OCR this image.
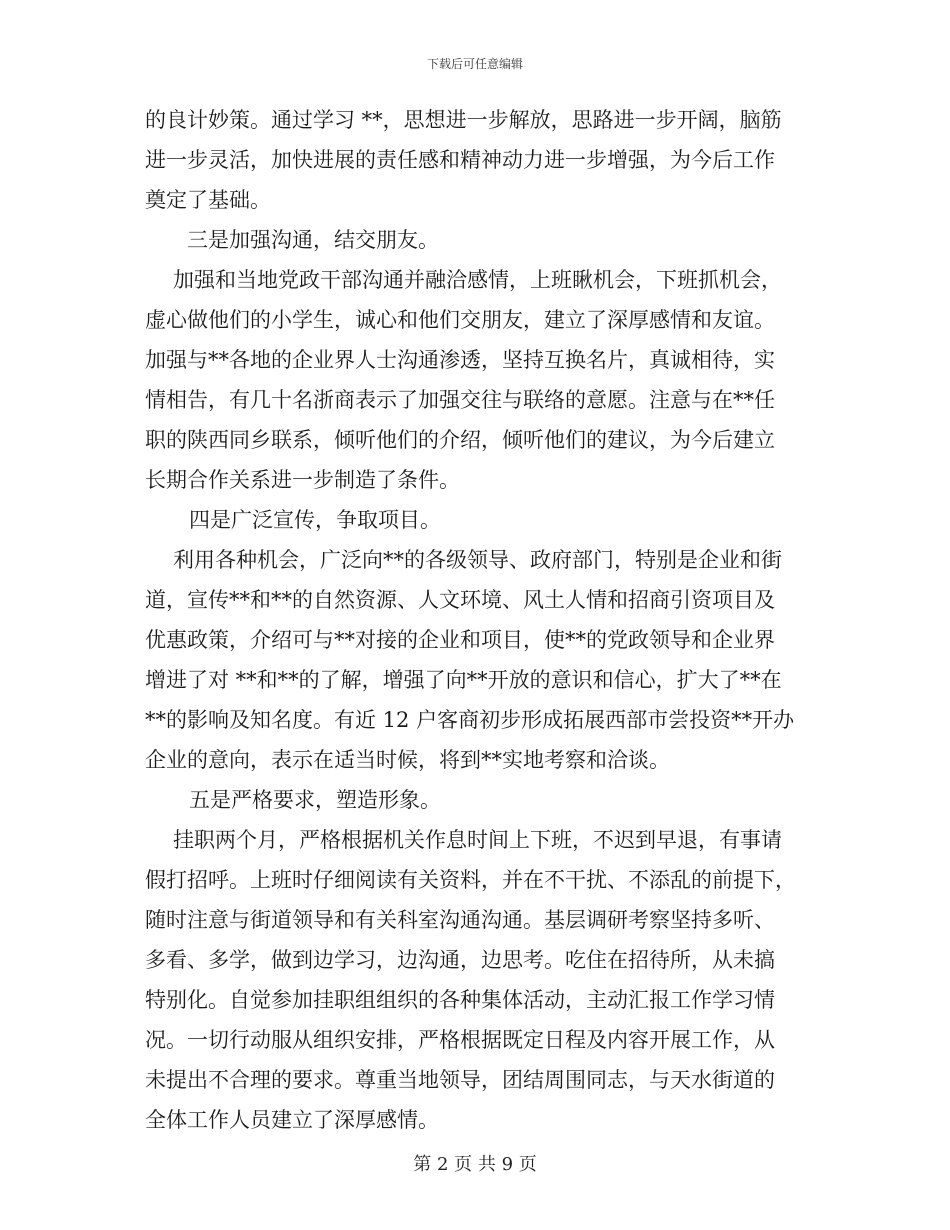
下载后可任意编辑
的良计妙策。通过学习 **，思想进一步解放，思路进一步开阔，脑筋
进一步灵活，加快进展的责任感和精神动力进一步增强，为今后工作
奠定了基础。
三是加强沟通，结交朋友。
加强和当地党政干部沟通并融洽感情，上班瞅机会，下班抓机会，
虚心做他们的小学生，诚心和他们交朋友，建立了深厚感情和友谊。
加强与**各地的企业界人士沟通渗透，坚持互换名片，真诚相待，实
情相告，有几十名浙商表示了加强交往与联络的意愿。注意与在**任
职的陕西同乡联系，倾听他们的介绍，倾听他们的建议，为今后建立
长期合作关系进一步制造了条件。
四是广泛宣传，争取项目。
利用各种机会，广泛向**的各级领导、政府部门，特别是企业和街
道，宣传**和**的自然资源、人文环境、风土人情和招商引资项目及
优惠政策，介绍可与**对接的企业和项目，使**的党政领导和企业界
增进了对 **和**的了解，增强了向**开放的意识和信心，扩大了**在
**的影响及知名度。有近 12 户客商初步形成拓展西部市尝投资**开办
企业的意向，表示在适当时候，将到**实地考察和洽谈。
五是严格要求，塑造形象。
挂职两个月，严格根据机关作息时间上下班，不迟到早退，有事请
假打招呼。上班时仔细阅读有关资料，并在不干扰、不添乱的前提下，
随时注意与街道领导和有关科室沟通沟通。基层调研考察坚持多听、
多看、多学，做到边学习，边沟通，边思考。吃住在招待所，从未搞
特别化。自觉参加挂职组组织的各种集体活动，主动汇报工作学习情
况。一切行动服从组织安排，严格根据既定日程及内容开展工作，从
未提出不合理的要求。尊重当地领导，团结周围同志，与天水街道的
全体工作人员建立了深厚感情。
第 2 页 共 9 页
